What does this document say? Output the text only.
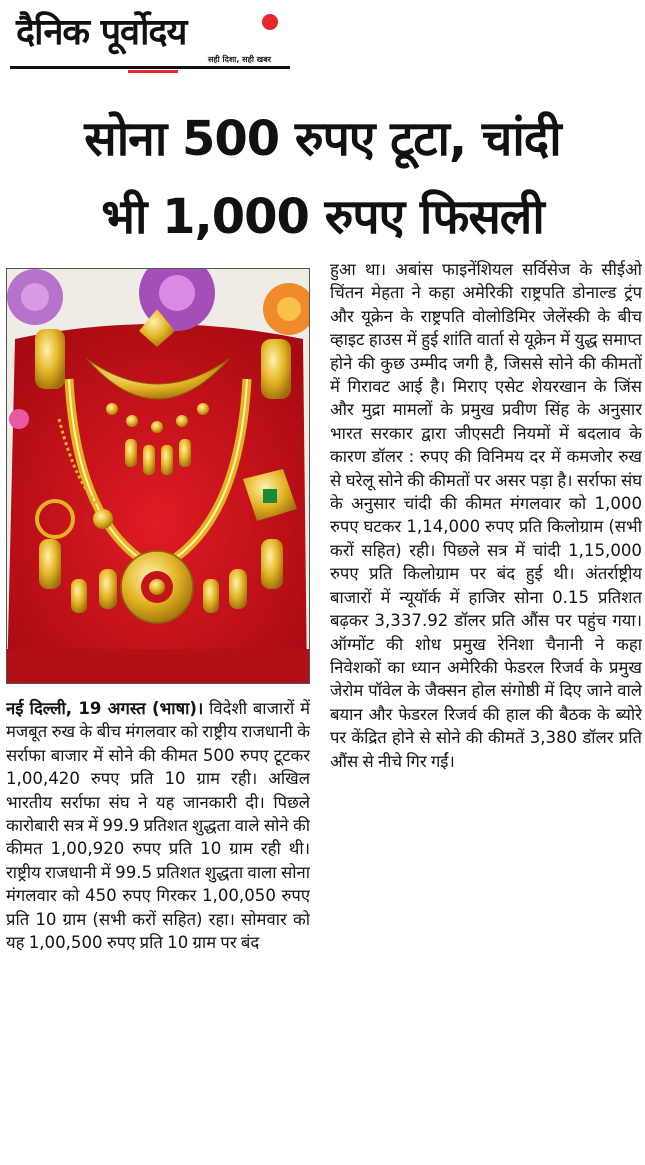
दैनिक पूर्वोदय
सही दिशा, सही खबर
सोना 500 रुपए टूटा, चांदी
भी 1,000 रुपए फिसली
नई दिल्ली, 19 अगस्त (भाषा)। विदेशी बाजारों में मजबूत रुख के बीच मंगलवार को राष्ट्रीय राजधानी के सर्राफा बाजार में सोने की कीमत 500 रुपए टूटकर 1,00,420 रुपए प्रति 10 ग्राम रही। अखिल भारतीय सर्राफा संघ ने यह जानकारी दी। पिछले कारोबारी सत्र में 99.9 प्रतिशत शुद्धता वाले सोने की कीमत 1,00,920 रुपए प्रति 10 ग्राम रही थी। राष्ट्रीय राजधानी में 99.5 प्रतिशत शुद्धता वाला सोना मंगलवार को 450 रुपए गिरकर 1,00,050 रुपए प्रति 10 ग्राम (सभी करों सहित) रहा। सोमवार को यह 1,00,500 रुपए प्रति 10 ग्राम पर बंद
हुआ था। अबांस फाइनेंशियल सर्विसेज के सीईओ चिंतन मेहता ने कहा अमेरिकी राष्ट्रपति डोनाल्ड ट्रंप और यूक्रेन के राष्ट्रपति वोलोडिमिर जेलेंस्की के बीच व्हाइट हाउस में हुई शांति वार्ता से यूक्रेन में युद्ध समाप्त होने की कुछ उम्मीद जगी है, जिससे सोने की कीमतों में गिरावट आई है। मिराए एसेट शेयरखान के जिंस और मुद्रा मामलों के प्रमुख प्रवीण सिंह के अनुसार भारत सरकार द्वारा जीएसटी नियमों में बदलाव के कारण डॉलर : रुपए की विनिमय दर में कमजोर रुख से घरेलू सोने की कीमतों पर असर पड़ा है। सर्राफा संघ के अनुसार चांदी की कीमत मंगलवार को 1,000 रुपए घटकर 1,14,000 रुपए प्रति किलोग्राम (सभी करों सहित) रही। पिछले सत्र में चांदी 1,15,000 रुपए प्रति किलोग्राम पर बंद हुई थी। अंतर्राष्ट्रीय बाजारों में न्यूयॉर्क में हाजिर सोना 0.15 प्रतिशत बढ़कर 3,337.92 डॉलर प्रति औंस पर पहुंच गया। ऑग्मोंट की शोध प्रमुख रेनिशा चैनानी ने कहा निवेशकों का ध्यान अमेरिकी फेडरल रिजर्व के प्रमुख जेरोम पॉवेल के जैक्सन होल संगोष्ठी में दिए जाने वाले बयान और फेडरल रिजर्व की हाल की बैठक के ब्योरे पर केंद्रित होने से सोने की कीमतें 3,380 डॉलर प्रति औंस से नीचे गिर गईं।
